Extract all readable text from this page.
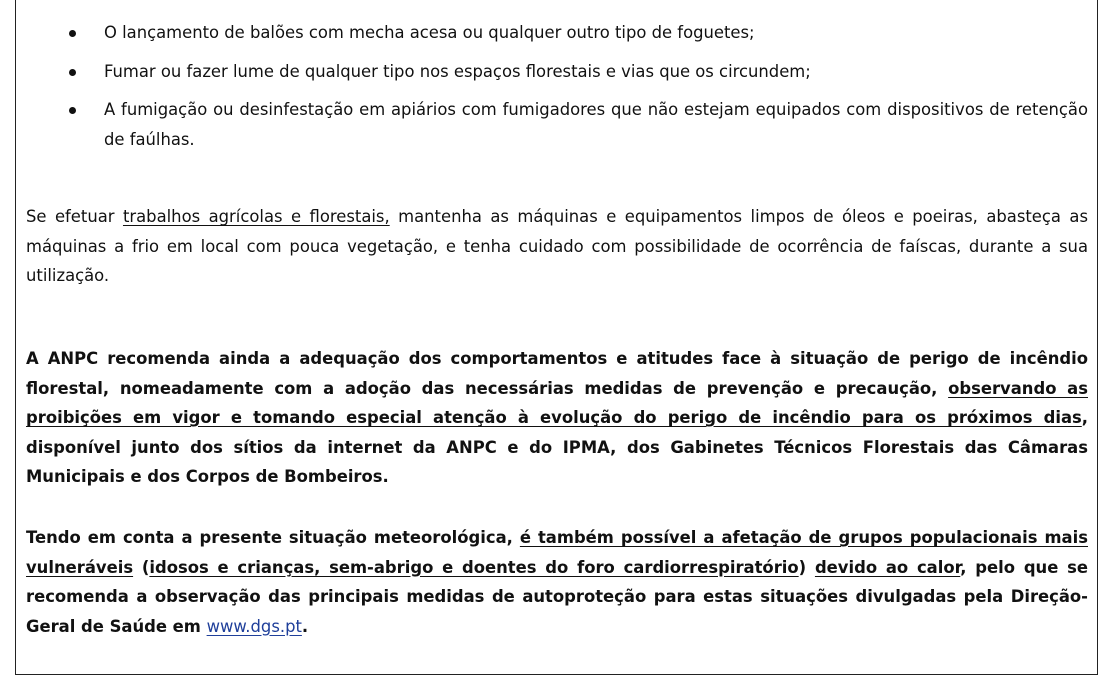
O lançamento de balões com mecha acesa ou qualquer outro tipo de foguetes;
Fumar ou fazer lume de qualquer tipo nos espaços florestais e vias que os circundem;
A fumigação ou desinfestação em apiários com fumigadores que não estejam equipados com dispositivos de retenção de faúlhas.

Se efetuar trabalhos agrícolas e florestais, mantenha as máquinas e equipamentos limpos de óleos e poeiras, abasteça as máquinas a frio em local com pouca vegetação, e tenha cuidado com possibilidade de ocorrência de faíscas, durante a sua utilização.

A ANPC recomenda ainda a adequação dos comportamentos e atitudes face à situação de perigo de incêndio florestal, nomeadamente com a adoção das necessárias medidas de prevenção e precaução, observando as proibições em vigor e tomando especial atenção à evolução do perigo de incêndio para os próximos dias, disponível junto dos sítios da internet da ANPC e do IPMA, dos Gabinetes Técnicos Florestais das Câmaras Municipais e dos Corpos de Bombeiros.

Tendo em conta a presente situação meteorológica, é também possível a afetação de grupos populacionais mais vulneráveis (idosos e crianças, sem-abrigo e doentes do foro cardiorrespiratório) devido ao calor, pelo que se recomenda a observação das principais medidas de autoproteção para estas situações divulgadas pela Direção-Geral de Saúde em www.dgs.pt.
